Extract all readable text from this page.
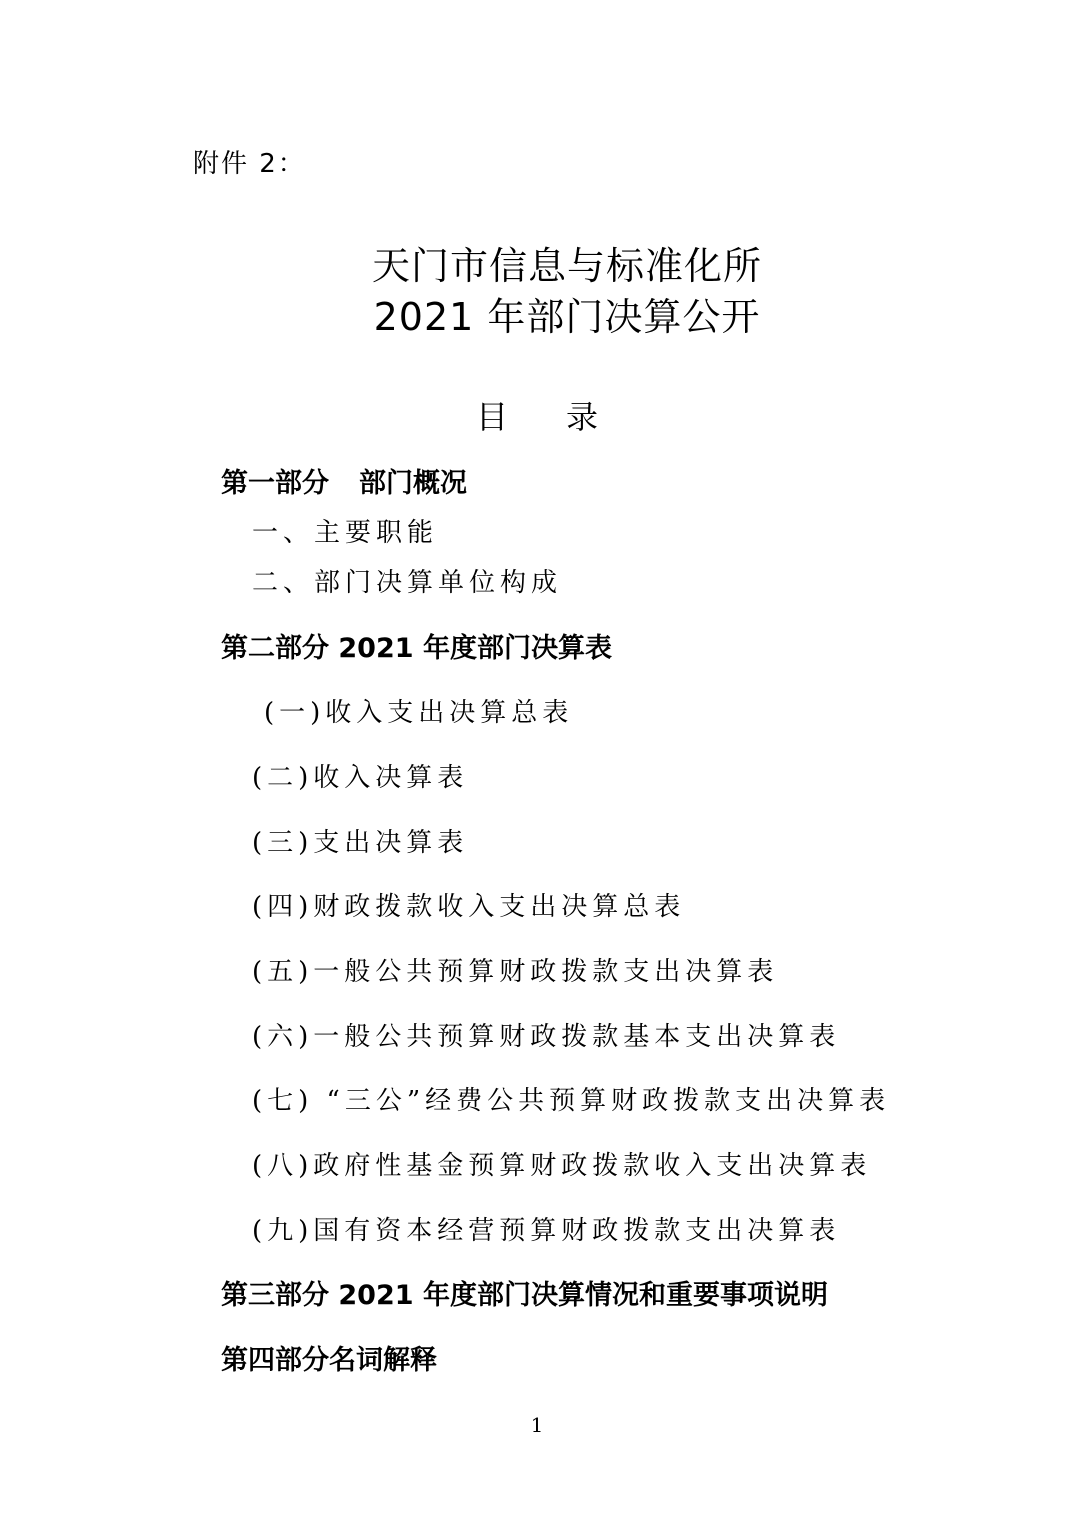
附件 2：
天门市信息与标准化所
2021 年部门决算公开
目 录
第一部分 部门概况
一、主要职能
二、部门决算单位构成
第二部分 2021 年度部门决算表
(一)收入支出决算总表
(二)收入决算表
(三)支出决算表
(四)财政拨款收入支出决算总表
(五)一般公共预算财政拨款支出决算表
(六)一般公共预算财政拨款基本支出决算表
(七) “三公”经费公共预算财政拨款支出决算表
(八)政府性基金预算财政拨款收入支出决算表
(九)国有资本经营预算财政拨款支出决算表
第三部分 2021 年度部门决算情况和重要事项说明
第四部分名词解释
1
